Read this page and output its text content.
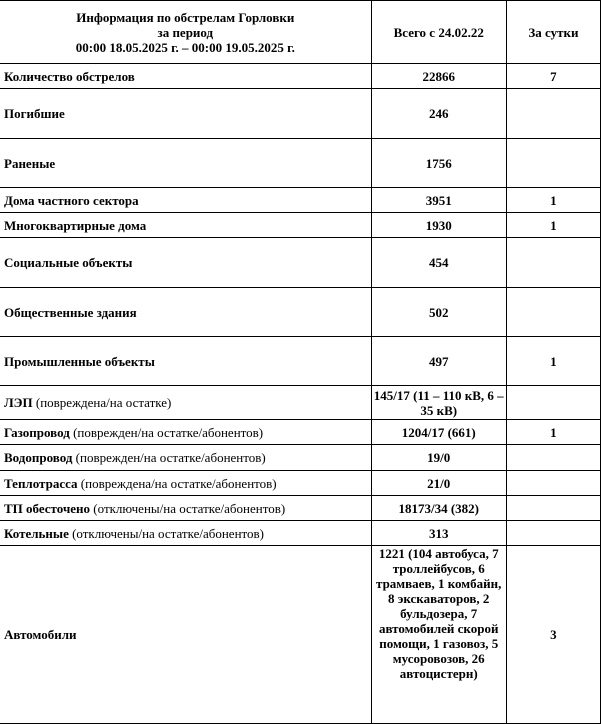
Информация по обстрелам Горловки
за период
00:00 18.05.2025 г. – 00:00 19.05.2025 г.	Всего с 24.02.22	За сутки
Количество обстрелов	22866	7
Погибшие	246	
Раненые	1756	
Дома частного сектора	3951	1
Многоквартирные дома	1930	1
Социальные объекты	454	
Общественные здания	502	
Промышленные объекты	497	1
ЛЭП (повреждена/на остатке)	145/17 (11 – 110 кВ, 6 – 35 кВ)	
Газопровод (поврежден/на остатке/абонентов)	1204/17 (661)	1
Водопровод (поврежден/на остатке/абонентов)	19/0	
Теплотрасса (повреждена/на остатке/абонентов)	21/0	
ТП обесточено (отключены/на остатке/абонентов)	18173/34 (382)	
Котельные (отключены/на остатке/абонентов)	313	
Автомобили	1221 (104 автобуса, 7 троллейбусов, 6 трамваев, 1 комбайн, 8 экскаваторов, 2 бульдозера, 7 автомобилей скорой помощи, 1 газовоз, 5 мусоровозов, 26 автоцистерн)	3
